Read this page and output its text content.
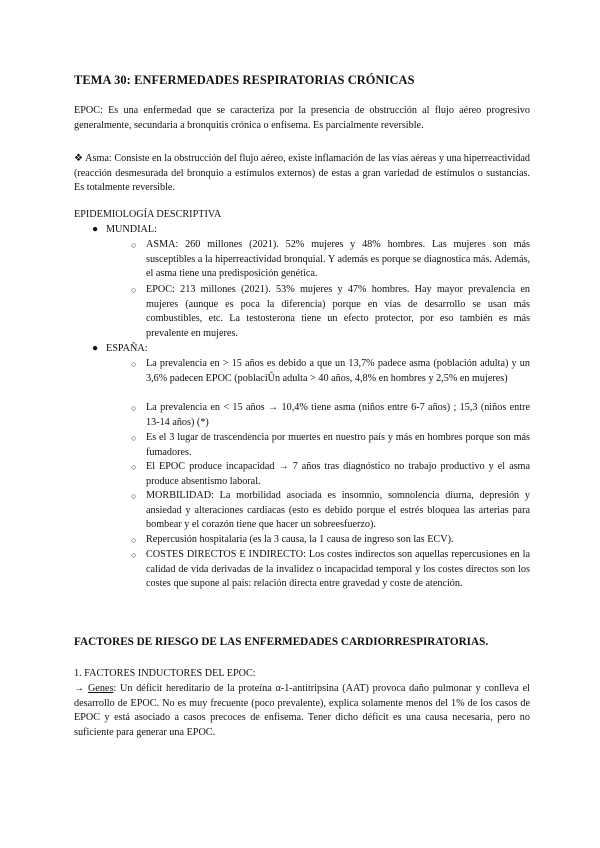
TEMA 30: ENFERMEDADES RESPIRATORIAS CRÓNICAS
EPOC: Es una enfermedad que se caracteriza por la presencia de obstrucción al flujo aéreo progresivo generalmente, secundaria a bronquitis crónica o enfisema. Es parcialmente reversible.
❖ Asma: Consiste en la obstrucción del flujo aéreo, existe inflamación de las vías aéreas y una hiperreactividad (reacción desmesurada del bronquio a estímulos externos) de estas a gran variedad de estímulos o sustancias. Es totalmente reversible.
EPIDEMIOLOGÍA DESCRIPTIVA
● MUNDIAL:
○ ASMA: 260 millones (2021). 52% mujeres y 48% hombres. Las mujeres son más susceptibles a la hiperreactividad bronquial. Y además es porque se diagnostica más. Además, el asma tiene una predisposición genética.
○ EPOC: 213 millones (2021). 53% mujeres y 47% hombres. Hay mayor prevalencia en mujeres (aunque es poca la diferencia) porque en vías de desarrollo se usan más combustibles, etc. La testosterona tiene un efecto protector, por eso también es más prevalente en mujeres.
● ESPAÑA:
○ La prevalencia en > 15 años es debido a que un 13,7% padece asma (población adulta) y un 3,6% padecen EPOC (poblaciÛn adulta > 40 años, 4,8% en hombres y 2,5% en mujeres)
○ La prevalencia en < 15 años → 10,4% tiene asma (niños entre 6-7 años) ; 15,3 (niños entre 13-14 años) (*)
○ Es el 3 lugar de trascendencia por muertes en nuestro país y más en hombres porque son más fumadores.
○ El EPOC produce incapacidad → 7 años tras diagnóstico no trabajo productivo y el asma produce absentismo laboral.
○ MORBILIDAD: La morbilidad asociada es insomnio, somnolencia diurna, depresión y ansiedad y alteraciones cardiacas (esto es debido porque el estrés bloquea las arterias para bombear y el corazón tiene que hacer un sobreesfuerzo).
○ Repercusión hospitalaria (es la 3 causa, la 1 causa de ingreso son las ECV).
○ COSTES DIRECTOS E INDIRECTO: Los costes indirectos son aquellas repercusiones en la calidad de vida derivadas de la invalidez o incapacidad temporal y los costes directos son los costes que supone al país: relación directa entre gravedad y coste de atención.
FACTORES DE RIESGO DE LAS ENFERMEDADES CARDIORRESPIRATORIAS.
1. FACTORES INDUCTORES DEL EPOC:
→ Genes: Un déficit hereditario de la proteína α-1-antitripsina (AAT) provoca daño pulmonar y conlleva el desarrollo de EPOC. No es muy frecuente (poco prevalente), explica solamente menos del 1% de los casos de EPOC y está asociado a casos precoces de enfisema. Tener dicho déficit es una causa necesaria, pero no suficiente para generar una EPOC.
